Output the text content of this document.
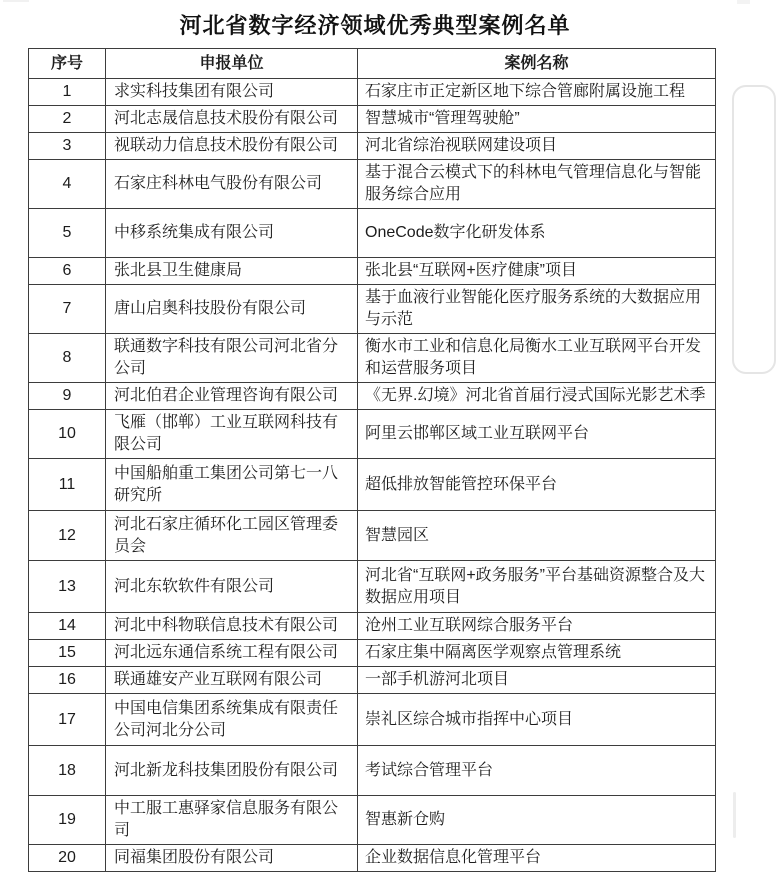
河北省数字经济领域优秀典型案例名单
序号	申报单位	案例名称
1	求实科技集团有限公司	石家庄市正定新区地下综合管廊附属设施工程
2	河北志晟信息技术股份有限公司	智慧城市“管理驾驶舱”
3	视联动力信息技术股份有限公司	河北省综治视联网建设项目
4	石家庄科林电气股份有限公司	基于混合云模式下的科林电气管理信息化与智能服务综合应用
5	中移系统集成有限公司	OneCode数字化研发体系
6	张北县卫生健康局	张北县“互联网+医疗健康”项目
7	唐山启奥科技股份有限公司	基于血液行业智能化医疗服务系统的大数据应用与示范
8	联通数字科技有限公司河北省分公司	衡水市工业和信息化局衡水工业互联网平台开发和运营服务项目
9	河北伯君企业管理咨询有限公司	《无界.幻境》河北省首届行浸式国际光影艺术季
10	飞雁（邯郸）工业互联网科技有限公司	阿里云邯郸区域工业互联网平台
11	中国船舶重工集团公司第七一八研究所	超低排放智能管控环保平台
12	河北石家庄循环化工园区管理委员会	智慧园区
13	河北东软软件有限公司	河北省“互联网+政务服务”平台基础资源整合及大数据应用项目
14	河北中科物联信息技术有限公司	沧州工业互联网综合服务平台
15	河北远东通信系统工程有限公司	石家庄集中隔离医学观察点管理系统
16	联通雄安产业互联网有限公司	一部手机游河北项目
17	中国电信集团系统集成有限责任公司河北分公司	崇礼区综合城市指挥中心项目
18	河北新龙科技集团股份有限公司	考试综合管理平台
19	中工服工惠驿家信息服务有限公司	智惠新仓购
20	同福集团股份有限公司	企业数据信息化管理平台
